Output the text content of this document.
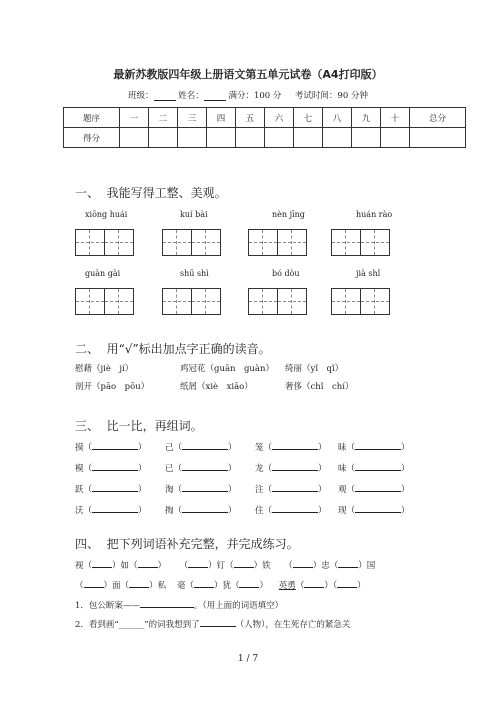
最新苏教版四年级上册语文第五单元试卷（A4打印版）
班级：	姓名：	满分：100 分 考试时间：90 分钟
题序	一	二	三	四	五	六	七	八	九	十	总分
得分											
一、 我能写得工整、美观。
xiōng huái	kuí bài	nèn jīng	huán rào
guàn gài	shū shì	bó dòu	jià shǐ
二、 用“√”标出加点字正确的读音。
慰藉 （ jiè　jí ）	鸡冠花 （ guān　guàn ）	绮丽 （ yǐ　qǐ ）
剖开 （ pāo　pōu ）	纸屑 （ xiè　xiāo ）	奢侈 （ chǐ　chí ）
三、 比一比，再组词。
摸（	） 己（	） 笼（	） 昧（	）
模（	） 已（	） 龙（	） 味（	）
跃（	） 淘（	） 注（	） 观（	）
沃（	） 掏（	） 住（	） 现（	）
四、 把下列词语补充完整，并完成练习。
视（ ）如（ ）     （ ）钉（ ）铁     （ ）忠（ ）国
（ ）面（ ）私 毫（ ）犹（ ）    英勇（ ）（ ）
1．包公断案——	。（用上面的词语填空）
2．看到画“______”的词我想到了	（人物），在生死存亡的紧急关
1 / 7
